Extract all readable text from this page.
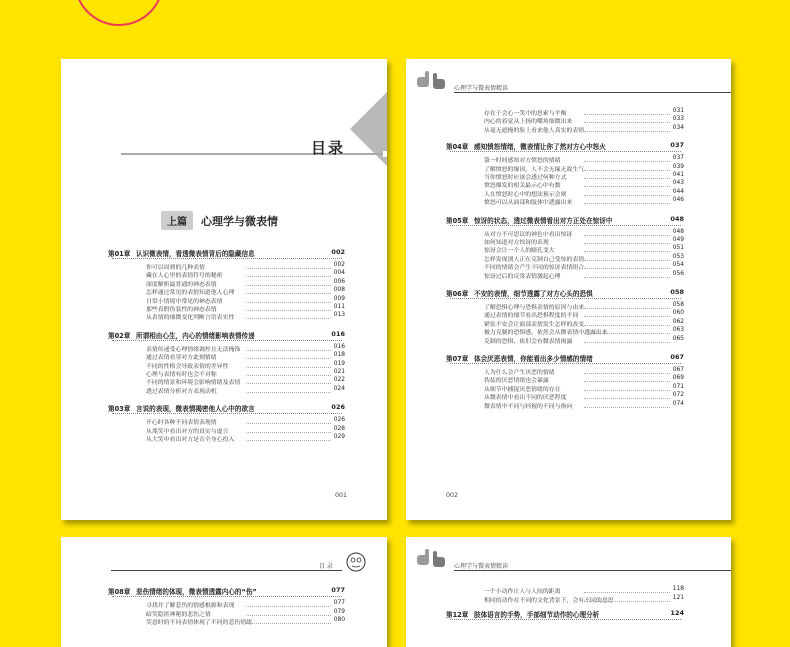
目录
上篇 心理学与微表情
第01章 认识微表情，看透微表情背后的隐藏信息	002
你可以周到的几种表情	002
藏在人心里的表情符号的秘密	004
深度解析最普通的神态表情	006
怎样通过常见的表情知道他人心理	008
日常小情境中常见的神态表情	009
那些真假伪装性的神态表情	011
从表情的细微变化判断言语表实性	013
第02章 所谓相由心生，内心的情绪影响表情传递	016
表情传递受心理情绪调控且无法掩饰	016
通过表情看穿对方此刻情绪	018
不同的性格会导致表情的差异性	019
心理与表情有时也会不对称	021
不同的情景和环境会影响情绪及表情	022
透过表情分析对方表现动机	024
第03章 言说的表现，微表情揭密他人心中的欲言	026
开心时各种不同表情表现情	026
从蔑笑中看出对方的真实与虚言	028
从大笑中看出对方是否全身心投入	029
001
心理学与微表情精读
存在于会心一笑中的思索与平衡	031
内心的着觉从上扬的嘴角细微出来	033
从毫无遮掩的脸上看来他人真实的表情	034
第04章 感知愤怒情绪，微表情让你了然对方心中怒火	037
第一时间感知对方愤怒的情绪	037
了解愤怒的缘因，人不会无缘无故生气	039
当你愤怒时应该会透过何种方式	041
愤怒爆发的相关最示心中有数	043
人在愤怒时心中的想法预示会则	044
愤怒可以从面部和肢体中透露出来	046
第05章 惊讶的状态，透过微表情看出对方正处在惊讶中	048
从对方不可思议的神色中看出惊讶	048
如何知道对方惊讶的表现	049
惊讶会让一个人的瞳孔变大	051
怎样发现别人正在克制自己受惊的表情	053
不同的情绪会产生不同的惊讶表情组合	054
惊讶过后的反常表情激起心理	056
第06章 不安的表情，细节透露了对方心头的恐惧	058
了解恐惧心理与恐惧表情的原因与由来	058
通过表情的细节看出恐惧程度的不同	060
紧张不安会让面部表情发生怎样的改变	062
极力克制的恐惧感，依然会从微表情中透露出来	063
克制的恐惧，依旧会有微表情揭露	065
第07章 体会厌恶表情，你能看出多少情感的情绪	067
人为什么会产生厌恶的情绪	067
伪装的厌恶情绪也会暴露	069
从细节中捕捉厌恶情绪的存在	071
从微表情中看出不同的厌恶程度	072
微表情中不同与轻视的不同与指向	074
002
目 录
第08章 悲伤情绪的体现，微表情透露内心的“伤”	077
寻找并了解悲伤的情感根源和表现	077
暗笑隐匿神秘的悲伤之情	079
笑意时的不同表情体现了不同的悲伤情绪	080
心理学与微表情精读
一个小动作让人与人间的距离	118
相同的动作在不同的文化背景下，会有不同的意思	121
第12章 肢体语言的手势，手部细节动作的心理分析	124
